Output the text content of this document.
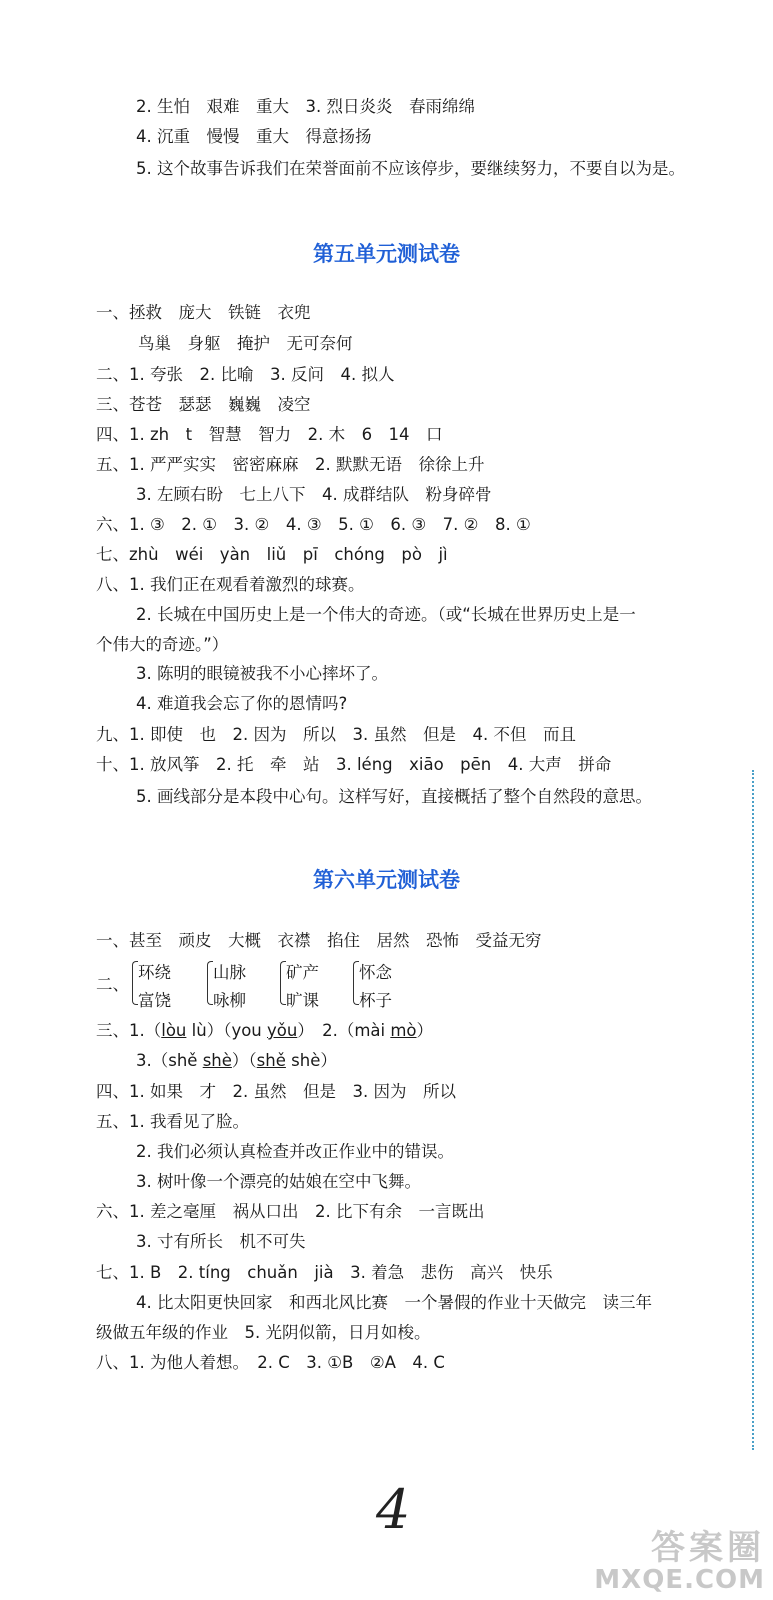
2. 生怕　艰难　重大　3. 烈日炎炎　春雨绵绵
4. 沉重　慢慢　重大　得意扬扬
5. 这个故事告诉我们在荣誉面前不应该停步，要继续努力，不要自以为是。
第五单元测试卷
一、拯救　庞大　铁链　衣兜
鸟巢　身躯　掩护　无可奈何
二、1. 夸张　2. 比喻　3. 反问　4. 拟人
三、苍苍　瑟瑟　巍巍　凌空
四、1. zh　t　智慧　智力　2. 木　6　14　口
五、1. 严严实实　密密麻麻　2. 默默无语　徐徐上升
3. 左顾右盼　七上八下　4. 成群结队　粉身碎骨
六、1. ③　2. ①　3. ②　4. ③　5. ①　6. ③　7. ②　8. ①
七、zhù　wéi　yàn　liǔ　pī　chóng　pò　jì
八、1. 我们正在观看着激烈的球赛。
2. 长城在中国历史上是一个伟大的奇迹。（或“长城在世界历史上是一
个伟大的奇迹。”）
3. 陈明的眼镜被我不小心摔坏了。
4. 难道我会忘了你的恩情吗?
九、1. 即使　也　2. 因为　所以　3. 虽然　但是　4. 不但　而且
十、1. 放风筝　2. 托　牵　站　3. léng　xiāo　pēn　4. 大声　拼命
5. 画线部分是本段中心句。这样写好，直接概括了整个自然段的意思。
第六单元测试卷
一、甚至　顽皮　大概　衣襟　掐住　居然　恐怖　受益无穷
二、
环绕
富饶
山脉
咏柳
矿产
旷课
怀念
杯子
三、1.（lòu lù）（you yǒu）　2.（mài mò）
3.（shě shè）（shě shè）
四、1. 如果　才　2. 虽然　但是　3. 因为　所以
五、1. 我看见了脸。
2. 我们必须认真检查并改正作业中的错误。
3. 树叶像一个漂亮的姑娘在空中飞舞。
六、1. 差之毫厘　祸从口出　2. 比下有余　一言既出
3. 寸有所长　机不可失
七、1. B　2. tíng　chuǎn　jià　3. 着急　悲伤　高兴　快乐
4. 比太阳更快回家　和西北风比赛　一个暑假的作业十天做完　读三年
级做五年级的作业　5. 光阴似箭，日月如梭。
八、1. 为他人着想。　2. C　3. ①B　②A　4. C
4
答案圈
MXQE.COM
